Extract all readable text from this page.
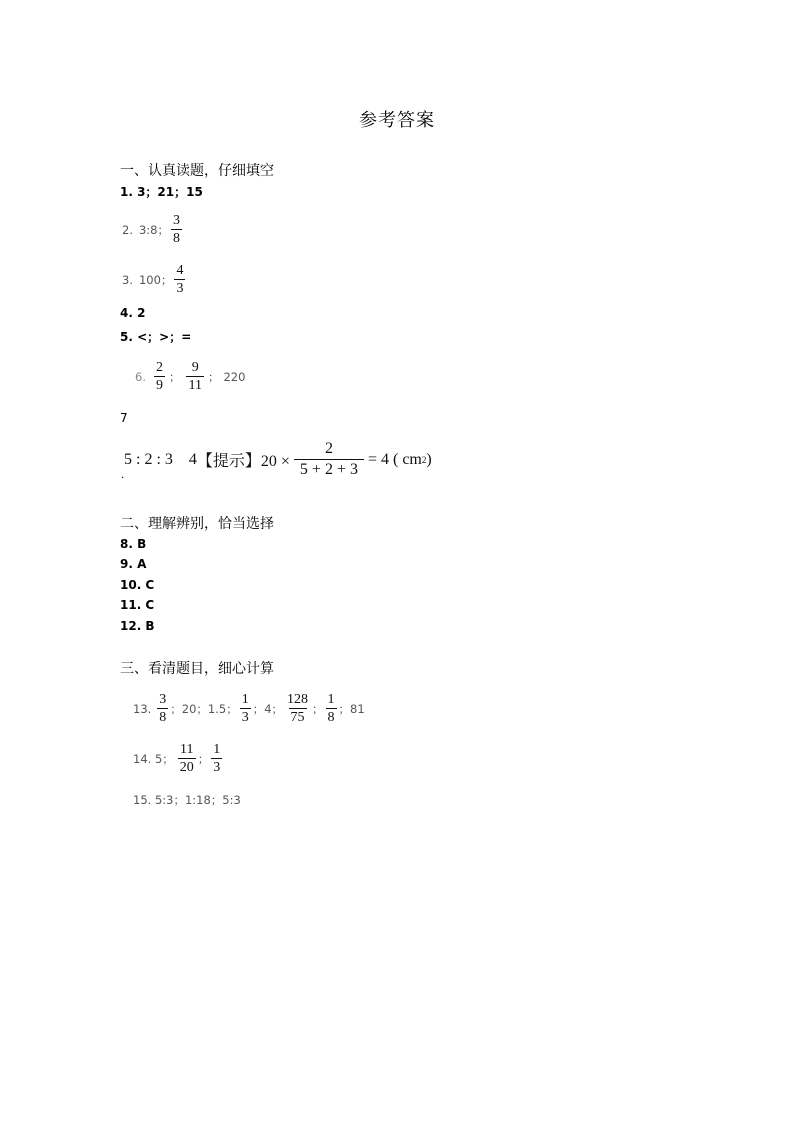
参考答案
一、认真读题，仔细填空
1. 3；21；15
2. 3:8； $\frac{3}{8}$
3. 100； $\frac{4}{3}$
4. 2
5. <；>；=
6. $\frac{2}{9}$ ； $\frac{9}{11}$ ； 220
7
5 : 2 : 3 4 【提示】$20 \times \frac{2}{5 + 2 + 3} = 4$ ( cm 2 )
.
二、理解辨别，恰当选择
8. B
9. A
10. C
11. C
12. B
三、看清题目，细心计算
13. $\frac{3}{8}$ ；20；1.5； $\frac{1}{3}$ ；4； $\frac{128}{75}$ ； $\frac{1}{8}$ ；81
14. 5； $\frac{11}{20}$ ； $\frac{1}{3}$
15. 5:3；1:18；5:3
